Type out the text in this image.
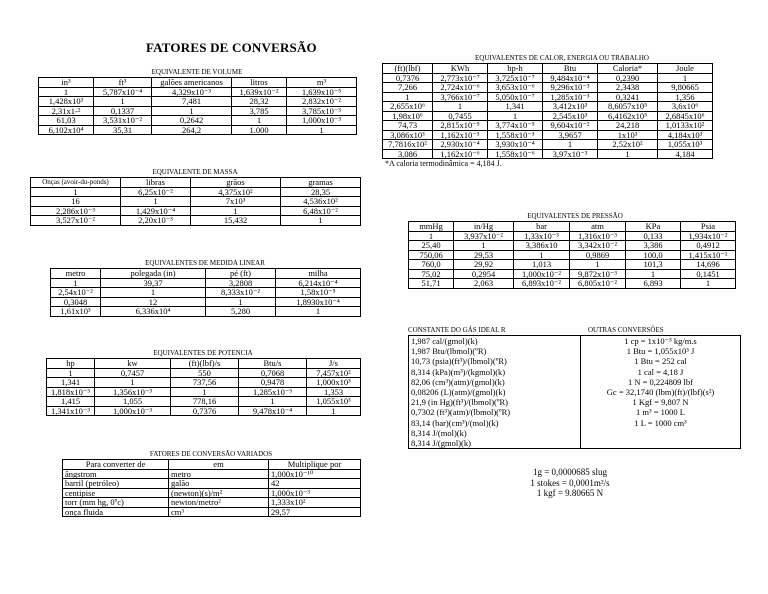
FATORES DE CONVERSÃO
EQUIVALENTE DE VOLUME
in³	ft³	galões americanos	litros	m³
1	5,787x10⁻⁴	4,329x10⁻³	1,639x10⁻²	1,639x10⁻⁵
1,428x10³	1	7,481	28,32	2,832x10⁻²
2,31x1-²	0,1337	1	3,785	3,785x10⁻³
61,03	3,531x10⁻²	0,2642	1	1,000x10⁻³
6,102x10⁴	35,31	264,2	1.000	1
EQUIVALENTE DE MASSA
Onças (avoir-du-ponds)	libras	grãos	gramas
1	6,25x10⁻²	4,375x10²	28,35
16	1	7x10³	4,536x10²
2,286x10⁻³	1,429x10⁻⁴	1	6,48x10⁻²
3,527x10⁻²	2,20x10⁻³	15,432	1
EQUIVALENTES DE MEDIDA LINEAR
metro	polegada (in)	pé (ft)	milha
1	39,37	3,2808	6,214x10⁻⁴
2,54x10⁻²	1	8,333x10⁻²	1,58x10⁻⁵
0,3048	12	1	1,8930x10⁻⁴
1,61x10³	6,336x10⁴	5,280	1
EQUIVALENTES DE POTENCIA
hp	kw	(ft)(lbf)/s	Btu/s	J/s
1	0,7457	550	0,7068	7,457x10²
1,341	1	737,56	0,9478	1,000x10³
1,818x10⁻³	1,356x10⁻³	1	1,285x10⁻³	1,353
1,415	1,055	778,16	1	1,055x10³
1,341x10⁻³	1,000x10⁻³	0,7376	9,478x10⁻⁴	1
FATORES DE CONVERSÃO VARIADOS
Para converter de	em	Multiplique por
ângstrom	metro	1,000x10⁻¹⁰
barril (petróleo)	galão	42
centipise	(newton)(s)/m²	1,000x10⁻³
torr (mm hg, 0ºc)	newton/metro²	1,333x10²
onça fluida	cm³	29,57
EQUIVALENTES DE CALOR, ENERGIA OU TRABALHO
(ft)(lbf)	KWh	hp-h	Btu	Caloria*	Joule
0,7376	2,773x10⁻⁷	3,725x10⁻⁷	9,484x10⁻⁴	0,2390	1
7,266	2,724x10⁻⁶	3,653x10⁻⁶	9,296x10⁻³	2,3438	9,80665
1	3,766x10⁻⁷	5,050x10⁻⁷	1,285x10⁻³	0,3241	1,356
2,655x10⁶	1	1,341	3,412x10³	8,6057x10⁵	3,6x10⁶
1,98x10⁶	0,7455	1	2,545x10³	6,4162x10⁵	2,6845x10⁶
74,73	2,815x10⁻⁵	3,774x10⁻⁵	9,604x10⁻²	24,218	1,0133x10²
3,086x10³	1,162x10⁻³	1,558x10⁻³	3,9657	1x10³	4,184x10³
7,7816x10²	2,930x10⁻⁴	3,930x10⁻⁴	1	2,52x10²	1,055x10³
3,086	1,162x10⁻⁶	1,558x10⁻⁶	3,97x10⁻³	1	4,184
*A caloria termodinâmica = 4,184 J.
EQUIVALENTES DE PRESSÃO
mmHg	in/Hg	bar	atm	KPa	Psia
1	3,937x10⁻²	1,33x10⁻³	1,316x10⁻³	0,133	1,934x10⁻²
25,40	1	3,386x10	3,342x10⁻²	3,386	0,4912
750,06	29,53	1	0,9869	100,0	1,415x10⁻¹
760,0	29,92	1,013	1	101,3	14,696
75,02	0,2954	1,000x10⁻²	9,872x10⁻³	1	0,1451
51,71	2,063	6,893x10⁻²	6,805x10⁻²	6,893	1
CONSTANTE DO GÁS IDEAL R	OUTRAS CONVERSÕES
1,987 cal/(gmol)(k)
1,987 Btu/(lbmol)(ºR)
10,73 (psia)(ft³)/(lbmol)(ºR)
8,314 (kPa)(m³)/(kgmol)(k)
82,06 (cm³)(atm)/(gmol)(k)
0,08206 (L)(atm)/(gmol)(k)
21,9 (in Hg)(ft³)/(lbmol)(ºR)
0,7302 (ft³)(atm)/(lbmol)(ºR)
83,14 (bar)(cm³)/(mol)(k)
8,314 J/(mol)(k)
8,314 J/(gmol)(k)

1 cp = 1x10⁻³ kg/m.s
1 Btu = 1,055x10³ J
1 Btu = 252 cal
1 cal = 4,18 J
1 N = 0,224809 lbf
Gc = 32,1740 (lbm)(ft)/(lbf)(s²)
1 Kgf = 9,807 N
1 m³ = 1000 L
1 L = 1000 cm³
1g = 0,0000685 slug
1 stokes = 0,0001m²/s
1 kgf = 9.80665 N
